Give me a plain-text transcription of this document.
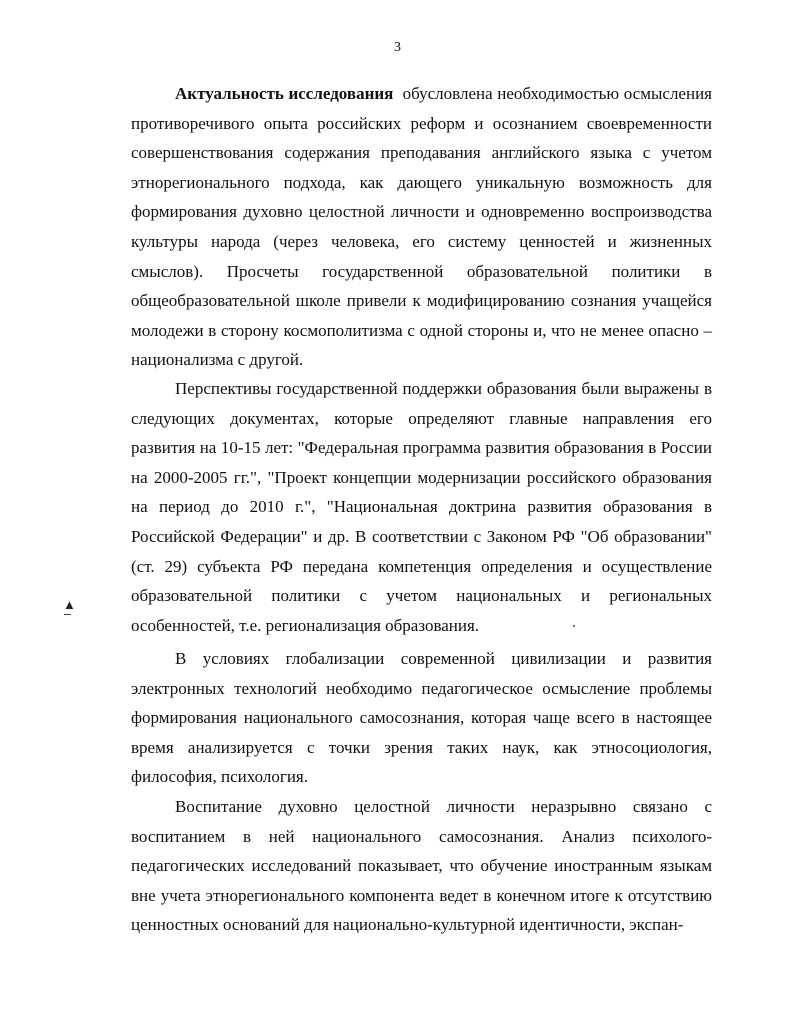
3

Актуальность исследования обусловлена необходимостью осмысления противоречивого опыта российских реформ и осознанием своевременности совершенствования содержания преподавания английского языка с учетом этнорегионального подхода, как дающего уникальную возможность для формирования духовно целостной личности и одновременно воспроизводства культуры народа (через человека, его систему ценностей и жизненных смыслов). Просчеты государственной образовательной политики в общеобразовательной школе привели к модифицированию сознания учащейся молодежи в сторону космополитизма с одной стороны и, что не менее опасно – национализма с другой.

Перспективы государственной поддержки образования были выражены в следующих документах, которые определяют главные направления его развития на 10-15 лет: "Федеральная программа развития образования в России на 2000-2005 гг.", "Проект концепции модернизации российского образования на период до 2010 г.", "Национальная доктрина развития образования в Российской Федерации" и др. В соответствии с Законом РФ "Об образовании" (ст. 29) субъекта РФ передана компетенция определения и осуществление образовательной политики с учетом национальных и региональных особенностей, т.е. регионализация образования.

В условиях глобализации современной цивилизации и развития электронных технологий необходимо педагогическое осмысление проблемы формирования национального самосознания, которая чаще всего в настоящее время анализируется с точки зрения таких наук, как этносоциология, философия, психология.

Воспитание духовно целостной личности неразрывно связано с воспитанием в ней национального самосознания. Анализ психолого-педагогических исследований показывает, что обучение иностранным языкам вне учета этнорегионального компонента ведет в конечном итоге к отсутствию ценностных оснований для национально-культурной идентичности, экспан-

▲
